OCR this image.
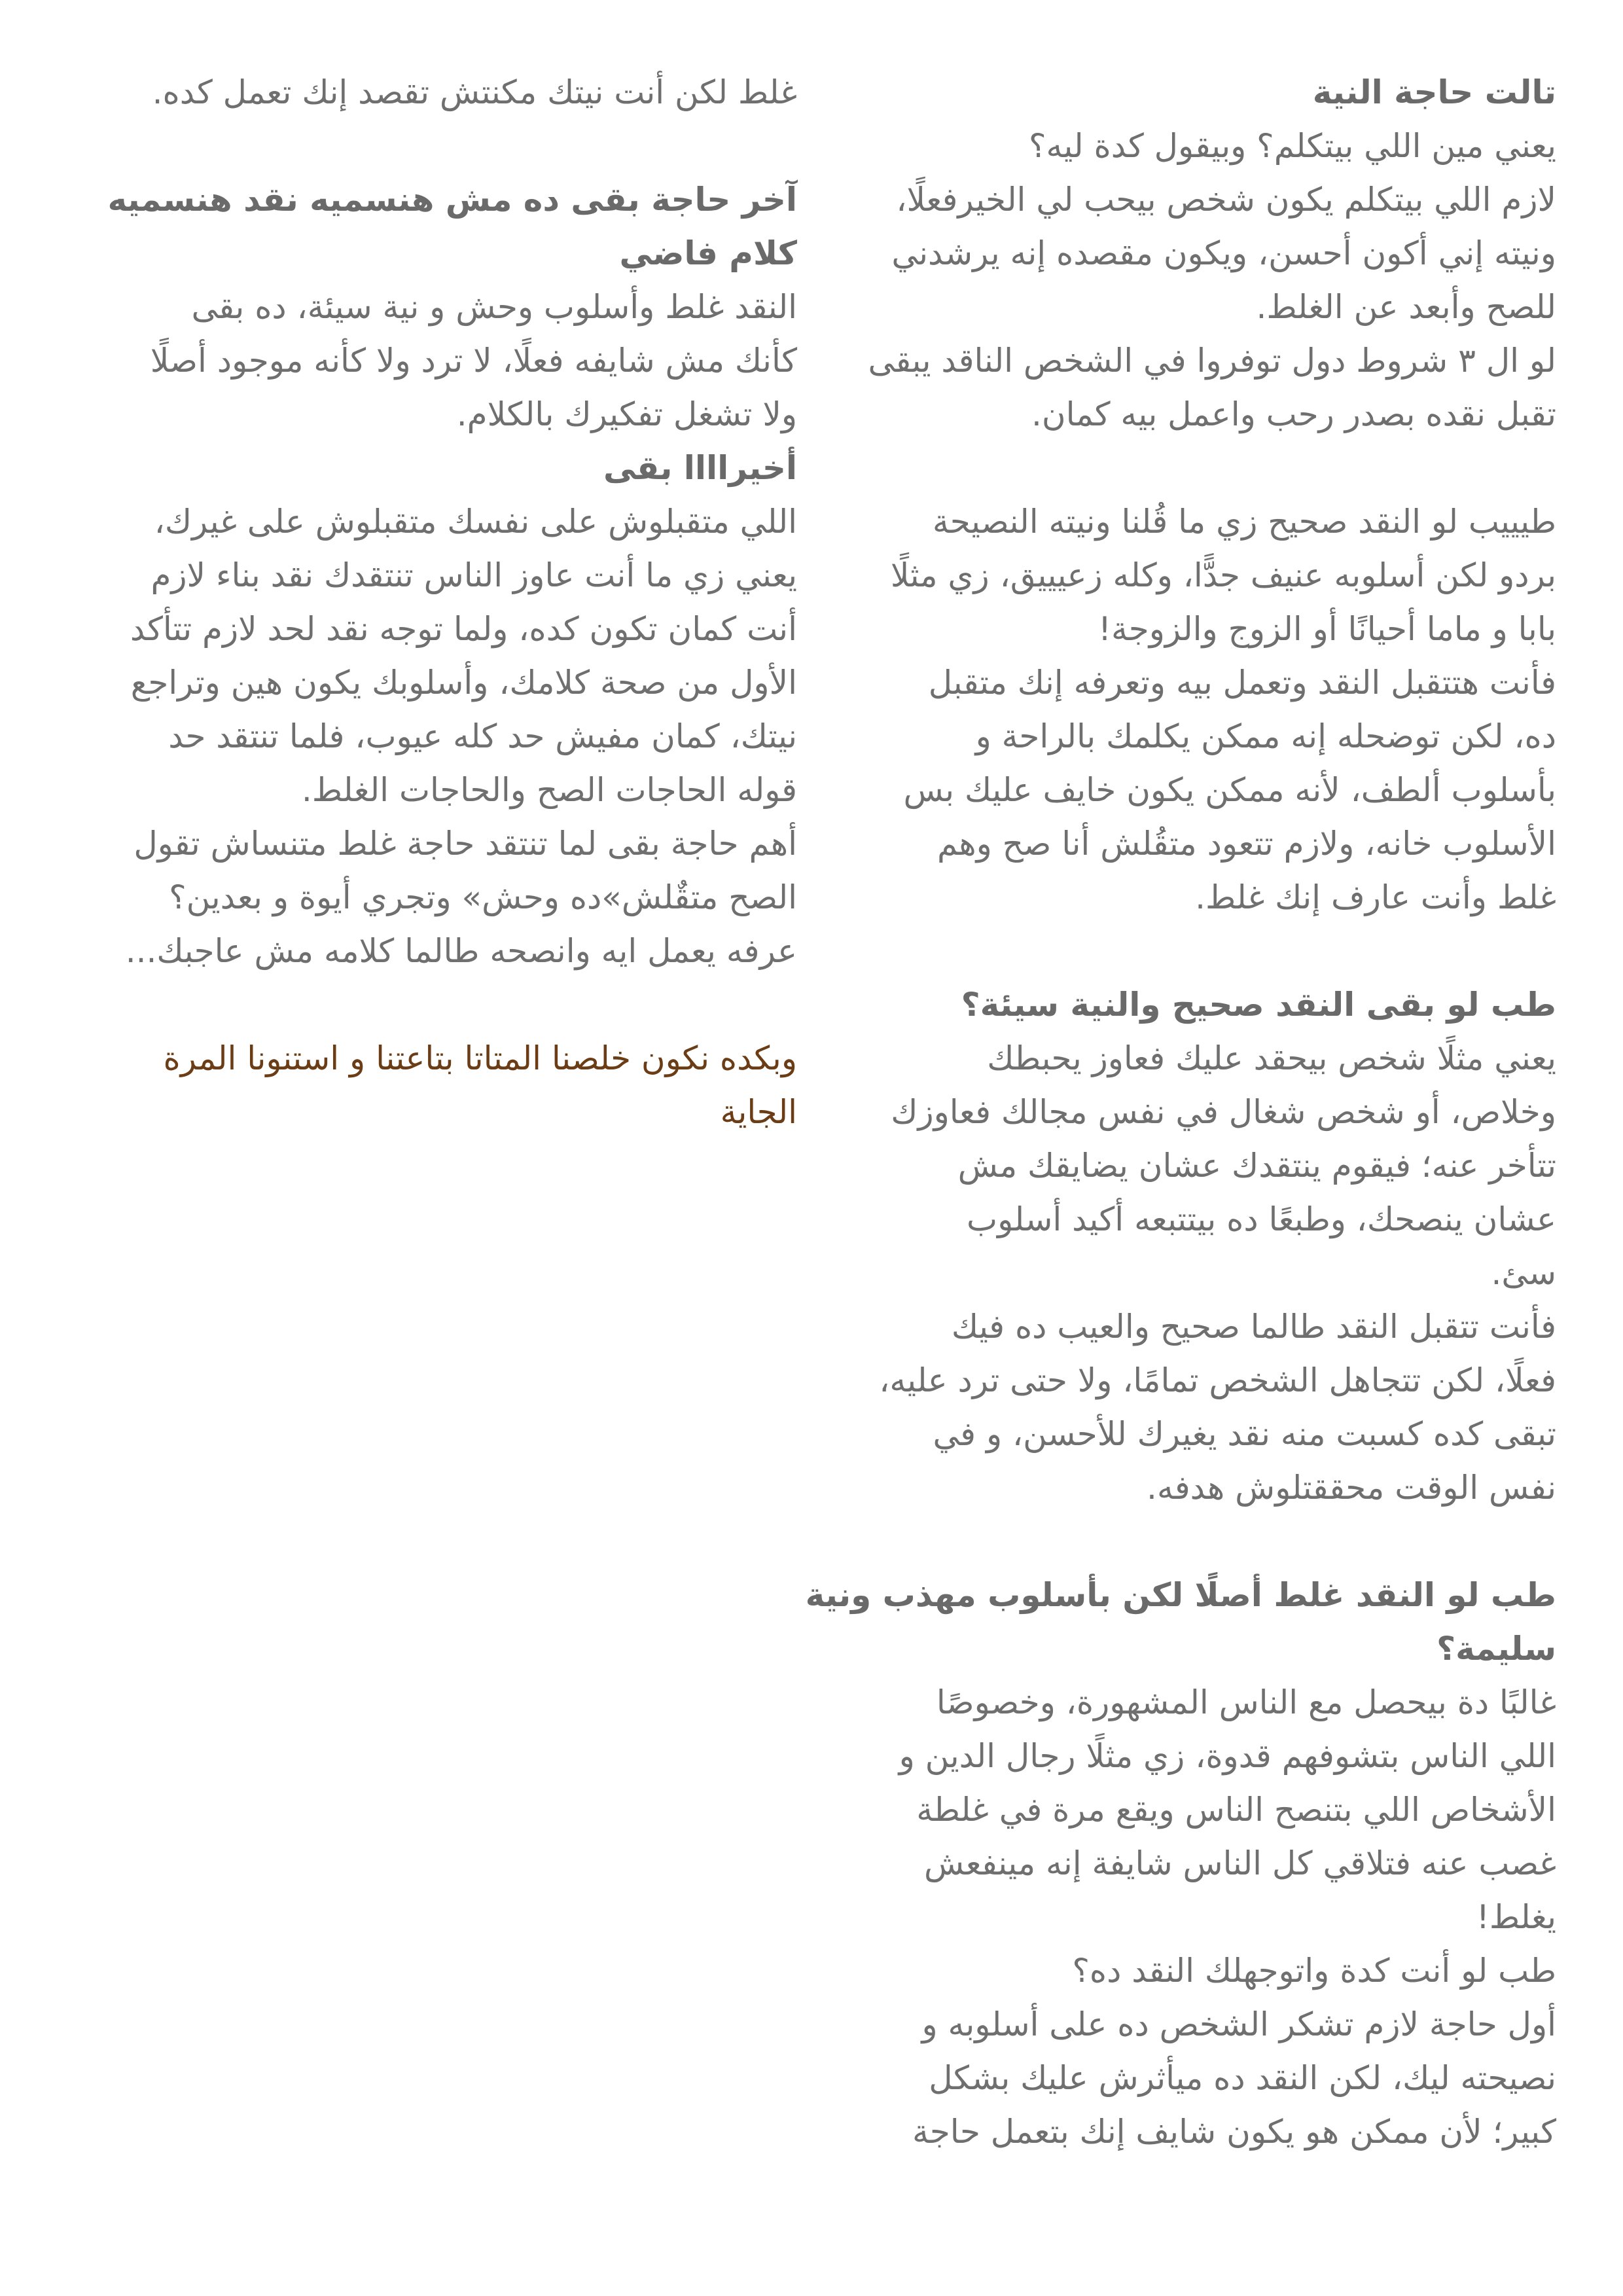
تالت حاجة النية

يعني مين اللي بيتكلم؟ وبيقول كدة ليه؟

لازم اللي بيتكلم يكون شخص بيحب لي الخيرفعلًا،

ونيته إني أكون أحسن، ويكون مقصده إنه يرشدني

للصح وأبعد عن الغلط.

لو ال ٣ شروط دول توفروا في الشخص الناقد يبقى

تقبل نقده بصدر رحب واعمل بيه كمان.

طيييب لو النقد صحيح زي ما قُلنا ونيته النصيحة

بردو لكن أسلوبه عنيف جدًّا، وكله زعيييق، زي مثلًا

بابا و ماما أحيانًا أو الزوج والزوجة!

فأنت هتتقبل النقد وتعمل بيه وتعرفه إنك متقبل

ده، لكن توضحله إنه ممكن يكلمك بالراحة و

بأسلوب ألطف، لأنه ممكن يكون خايف عليك بس

الأسلوب خانه، ولازم تتعود متقُلش أنا صح وهم

غلط وأنت عارف إنك غلط.

طب لو بقى النقد صحيح والنية سيئة؟

يعني مثلًا شخص بيحقد عليك فعاوز يحبطك

وخلاص، أو شخص شغال في نفس مجالك فعاوزك

تتأخر عنه؛ فيقوم ينتقدك عشان يضايقك مش

عشان ينصحك، وطبعًا ده بيتتبعه أكيد أسلوب

سئ.

فأنت تتقبل النقد طالما صحيح والعيب ده فيك

فعلًا، لكن تتجاهل الشخص تمامًا، ولا حتى ترد عليه،

تبقى كده كسبت منه نقد يغيرك للأحسن، و في

نفس الوقت محققتلوش هدفه.

طب لو النقد غلط أصلًا لكن بأسلوب مهذب ونية
سليمة؟

غالبًا دة بيحصل مع الناس المشهورة، وخصوصًا

اللي الناس بتشوفهم قدوة، زي مثلًا رجال الدين و

الأشخاص اللي بتنصح الناس ويقع مرة في غلطة

غصب عنه فتلاقي كل الناس شايفة إنه مينفعش

يغلط!

طب لو أنت كدة واتوجهلك النقد ده؟

أول حاجة لازم تشكر الشخص ده على أسلوبه و

نصيحته ليك، لكن النقد ده ميأثرش عليك بشكل

كبير؛ لأن ممكن هو يكون شايف إنك بتعمل حاجة

غلط لكن أنت نيتك مكنتش تقصد إنك تعمل كده.

آخر حاجة بقى ده مش هنسميه نقد هنسميه
كلام فاضي

النقد غلط وأسلوب وحش و نية سيئة، ده بقى

كأنك مش شايفه فعلًا، لا ترد ولا كأنه موجود أصلًا

ولا تشغل تفكيرك بالكلام.

أخيراااا بقى

اللي متقبلوش على نفسك متقبلوش على غيرك،

يعني زي ما أنت عاوز الناس تنتقدك نقد بناء لازم

أنت كمان تكون كده، ولما توجه نقد لحد لازم تتأكد

الأول من صحة كلامك، وأسلوبك يكون هين وتراجع

نيتك، كمان مفيش حد كله عيوب، فلما تنتقد حد

قوله الحاجات الصح والحاجات الغلط.

أهم حاجة بقى لما تنتقد حاجة غلط متنساش تقول

الصح متقٌلش»ده وحش» وتجري أيوة و بعدين؟

عرفه يعمل ايه وانصحه طالما كلامه مش عاجبك...

وبكده نكون خلصنا المتاتا بتاعتنا و استنونا المرة

الجاية
